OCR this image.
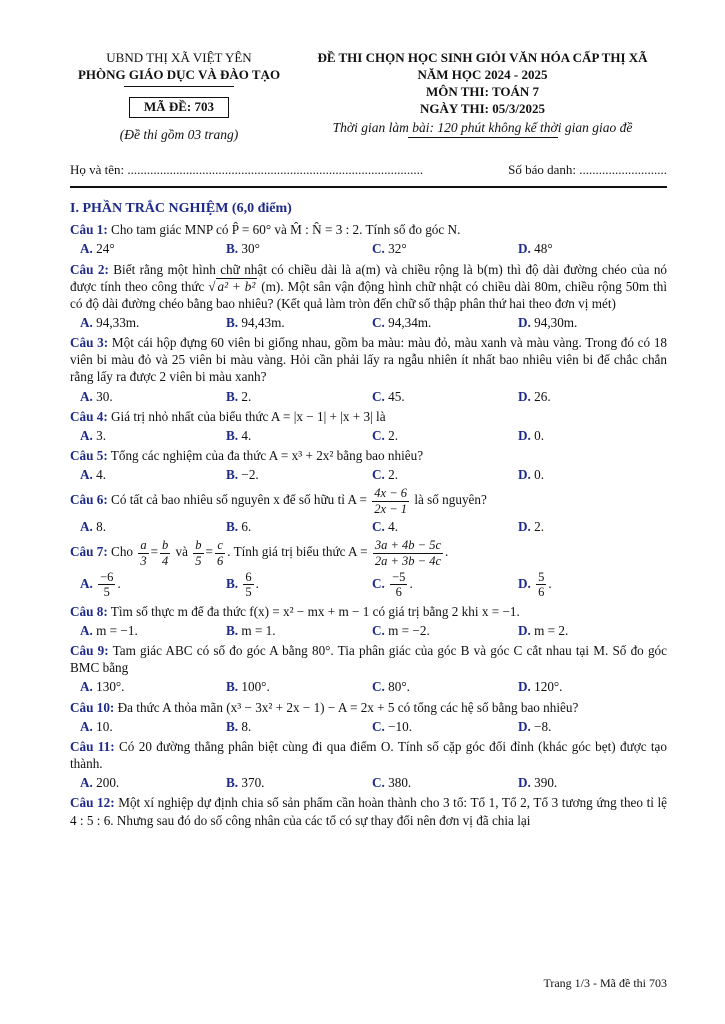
UBND THỊ XÃ VIỆT YÊN
PHÒNG GIÁO DỤC VÀ ĐÀO TẠO
MÃ ĐỀ: 703
(Đề thi gồm 03 trang)
ĐỀ THI CHỌN HỌC SINH GIỎI VĂN HÓA CẤP THỊ XÃ
NĂM HỌC 2024 - 2025
MÔN THI: TOÁN 7
NGÀY THI: 05/3/2025
Thời gian làm bài: 120 phút không kể thời gian giao đề
Họ và tên: ...........................................................................................	Số báo danh: ...........................
I. PHẦN TRẮC NGHIỆM (6,0 điểm)
Câu 1: Cho tam giác MNP có P̂ = 60° và M̂ : N̂ = 3 : 2. Tính số đo góc N.
A. 24°	B. 30°	C. 32°	D. 48°
Câu 2: Biết rằng một hình chữ nhật có chiều dài là a(m) và chiều rộng là b(m) thì độ dài đường chéo của nó được tính theo công thức √ a² + b² (m). Một sân vận động hình chữ nhật có chiều dài 80m, chiều rộng 50m thì có độ dài đường chéo bằng bao nhiêu? (Kết quả làm tròn đến chữ số thập phân thứ hai theo đơn vị mét)
A. 94,33m.	B. 94,43m.	C. 94,34m.	D. 94,30m.
Câu 3: Một cái hộp đựng 60 viên bi giống nhau, gồm ba màu: màu đỏ, màu xanh và màu vàng. Trong đó có 18 viên bi màu đỏ và 25 viên bi màu vàng. Hỏi cần phải lấy ra ngẫu nhiên ít nhất bao nhiêu viên bi để chắc chắn rằng lấy ra được 2 viên bi màu xanh?
A. 30.	B. 2.	C. 45.	D. 26.
Câu 4: Giá trị nhỏ nhất của biểu thức A = |x − 1| + |x + 3| là
A. 3.	B. 4.	C. 2.	D. 0.
Câu 5: Tổng các nghiệm của đa thức A = x³ + 2x² bằng bao nhiêu?
A. 4.	B. −2.	C. 2.	D. 0.
Câu 6: Có tất cả bao nhiêu số nguyên x để số hữu tỉ $A = \frac{4x - 6}{2x - 1}$ là số nguyên?
A. 8.	B. 6.	C. 4.	D. 2.
Câu 7: Cho $\frac{a}{3} = \frac{b}{4}$ và $\frac{b}{5} = \frac{c}{6}$ . Tính giá trị biểu thức $A = \frac{3a + 4b - 5c}{2a + 3b - 4c}$ .
A. $\frac{-6}{5}$ .	B. $\frac{6}{5}$ .	C. $\frac{-5}{6}$ .	D. $\frac{5}{6}$ .
Câu 8: Tìm số thực m để đa thức f(x) = x² − mx + m − 1 có giá trị bằng 2 khi x = −1.
A. m = −1.	B. m = 1.	C. m = −2.	D. m = 2.
Câu 9: Tam giác ABC có số đo góc A bằng 80°. Tia phân giác của góc B và góc C cắt nhau tại M. Số đo góc BMC bằng
A. 130°.	B. 100°.	C. 80°.	D. 120°.
Câu 10: Đa thức A thỏa mãn (x³ − 3x² + 2x − 1) − A = 2x + 5 có tổng các hệ số bằng bao nhiêu?
A. 10.	B. 8.	C. −10.	D. −8.
Câu 11: Có 20 đường thẳng phân biệt cùng đi qua điểm O. Tính số cặp góc đối đỉnh (khác góc bẹt) được tạo thành.
A. 200.	B. 370.	C. 380.	D. 390.
Câu 12: Một xí nghiệp dự định chia số sản phẩm cần hoàn thành cho 3 tổ: Tổ 1, Tổ 2, Tổ 3 tương ứng theo tỉ lệ 4 : 5 : 6. Nhưng sau đó do số công nhân của các tổ có sự thay đổi nên đơn vị đã chia lại
Trang 1/3 - Mã đề thi 703
